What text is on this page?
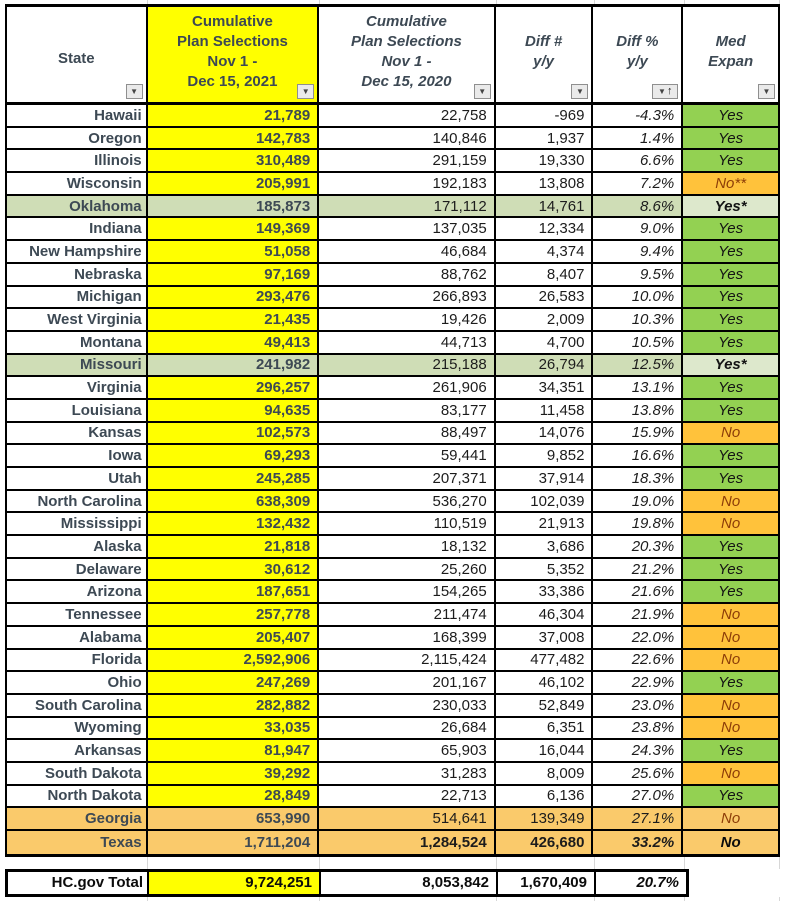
State
▼
Cumulative
Plan Selections
Nov 1 -
Dec 15, 2021
▼
Cumulative
Plan Selections
Nov 1 -
Dec 15, 2020
▼
Diff #
y/y
▼
Diff %
y/y
▼ ↑
Med
Expan
▼
Hawaii	21,789	22,758	-969	-4.3%	Yes
Oregon	142,783	140,846	1,937	1.4%	Yes
Illinois	310,489	291,159	19,330	6.6%	Yes
Wisconsin	205,991	192,183	13,808	7.2%	No**
Oklahoma	185,873	171,112	14,761	8.6%	Yes*
Indiana	149,369	137,035	12,334	9.0%	Yes
New Hampshire	51,058	46,684	4,374	9.4%	Yes
Nebraska	97,169	88,762	8,407	9.5%	Yes
Michigan	293,476	266,893	26,583	10.0%	Yes
West Virginia	21,435	19,426	2,009	10.3%	Yes
Montana	49,413	44,713	4,700	10.5%	Yes
Missouri	241,982	215,188	26,794	12.5%	Yes*
Virginia	296,257	261,906	34,351	13.1%	Yes
Louisiana	94,635	83,177	11,458	13.8%	Yes
Kansas	102,573	88,497	14,076	15.9%	No
Iowa	69,293	59,441	9,852	16.6%	Yes
Utah	245,285	207,371	37,914	18.3%	Yes
North Carolina	638,309	536,270	102,039	19.0%	No
Mississippi	132,432	110,519	21,913	19.8%	No
Alaska	21,818	18,132	3,686	20.3%	Yes
Delaware	30,612	25,260	5,352	21.2%	Yes
Arizona	187,651	154,265	33,386	21.6%	Yes
Tennessee	257,778	211,474	46,304	21.9%	No
Alabama	205,407	168,399	37,008	22.0%	No
Florida	2,592,906	2,115,424	477,482	22.6%	No
Ohio	247,269	201,167	46,102	22.9%	Yes
South Carolina	282,882	230,033	52,849	23.0%	No
Wyoming	33,035	26,684	6,351	23.8%	No
Arkansas	81,947	65,903	16,044	24.3%	Yes
South Dakota	39,292	31,283	8,009	25.6%	No
North Dakota	28,849	22,713	6,136	27.0%	Yes
Georgia	653,990	514,641	139,349	27.1%	No
Texas	1,711,204	1,284,524	426,680	33.2%	No
HC.gov Total	9,724,251	8,053,842	1,670,409	20.7%
